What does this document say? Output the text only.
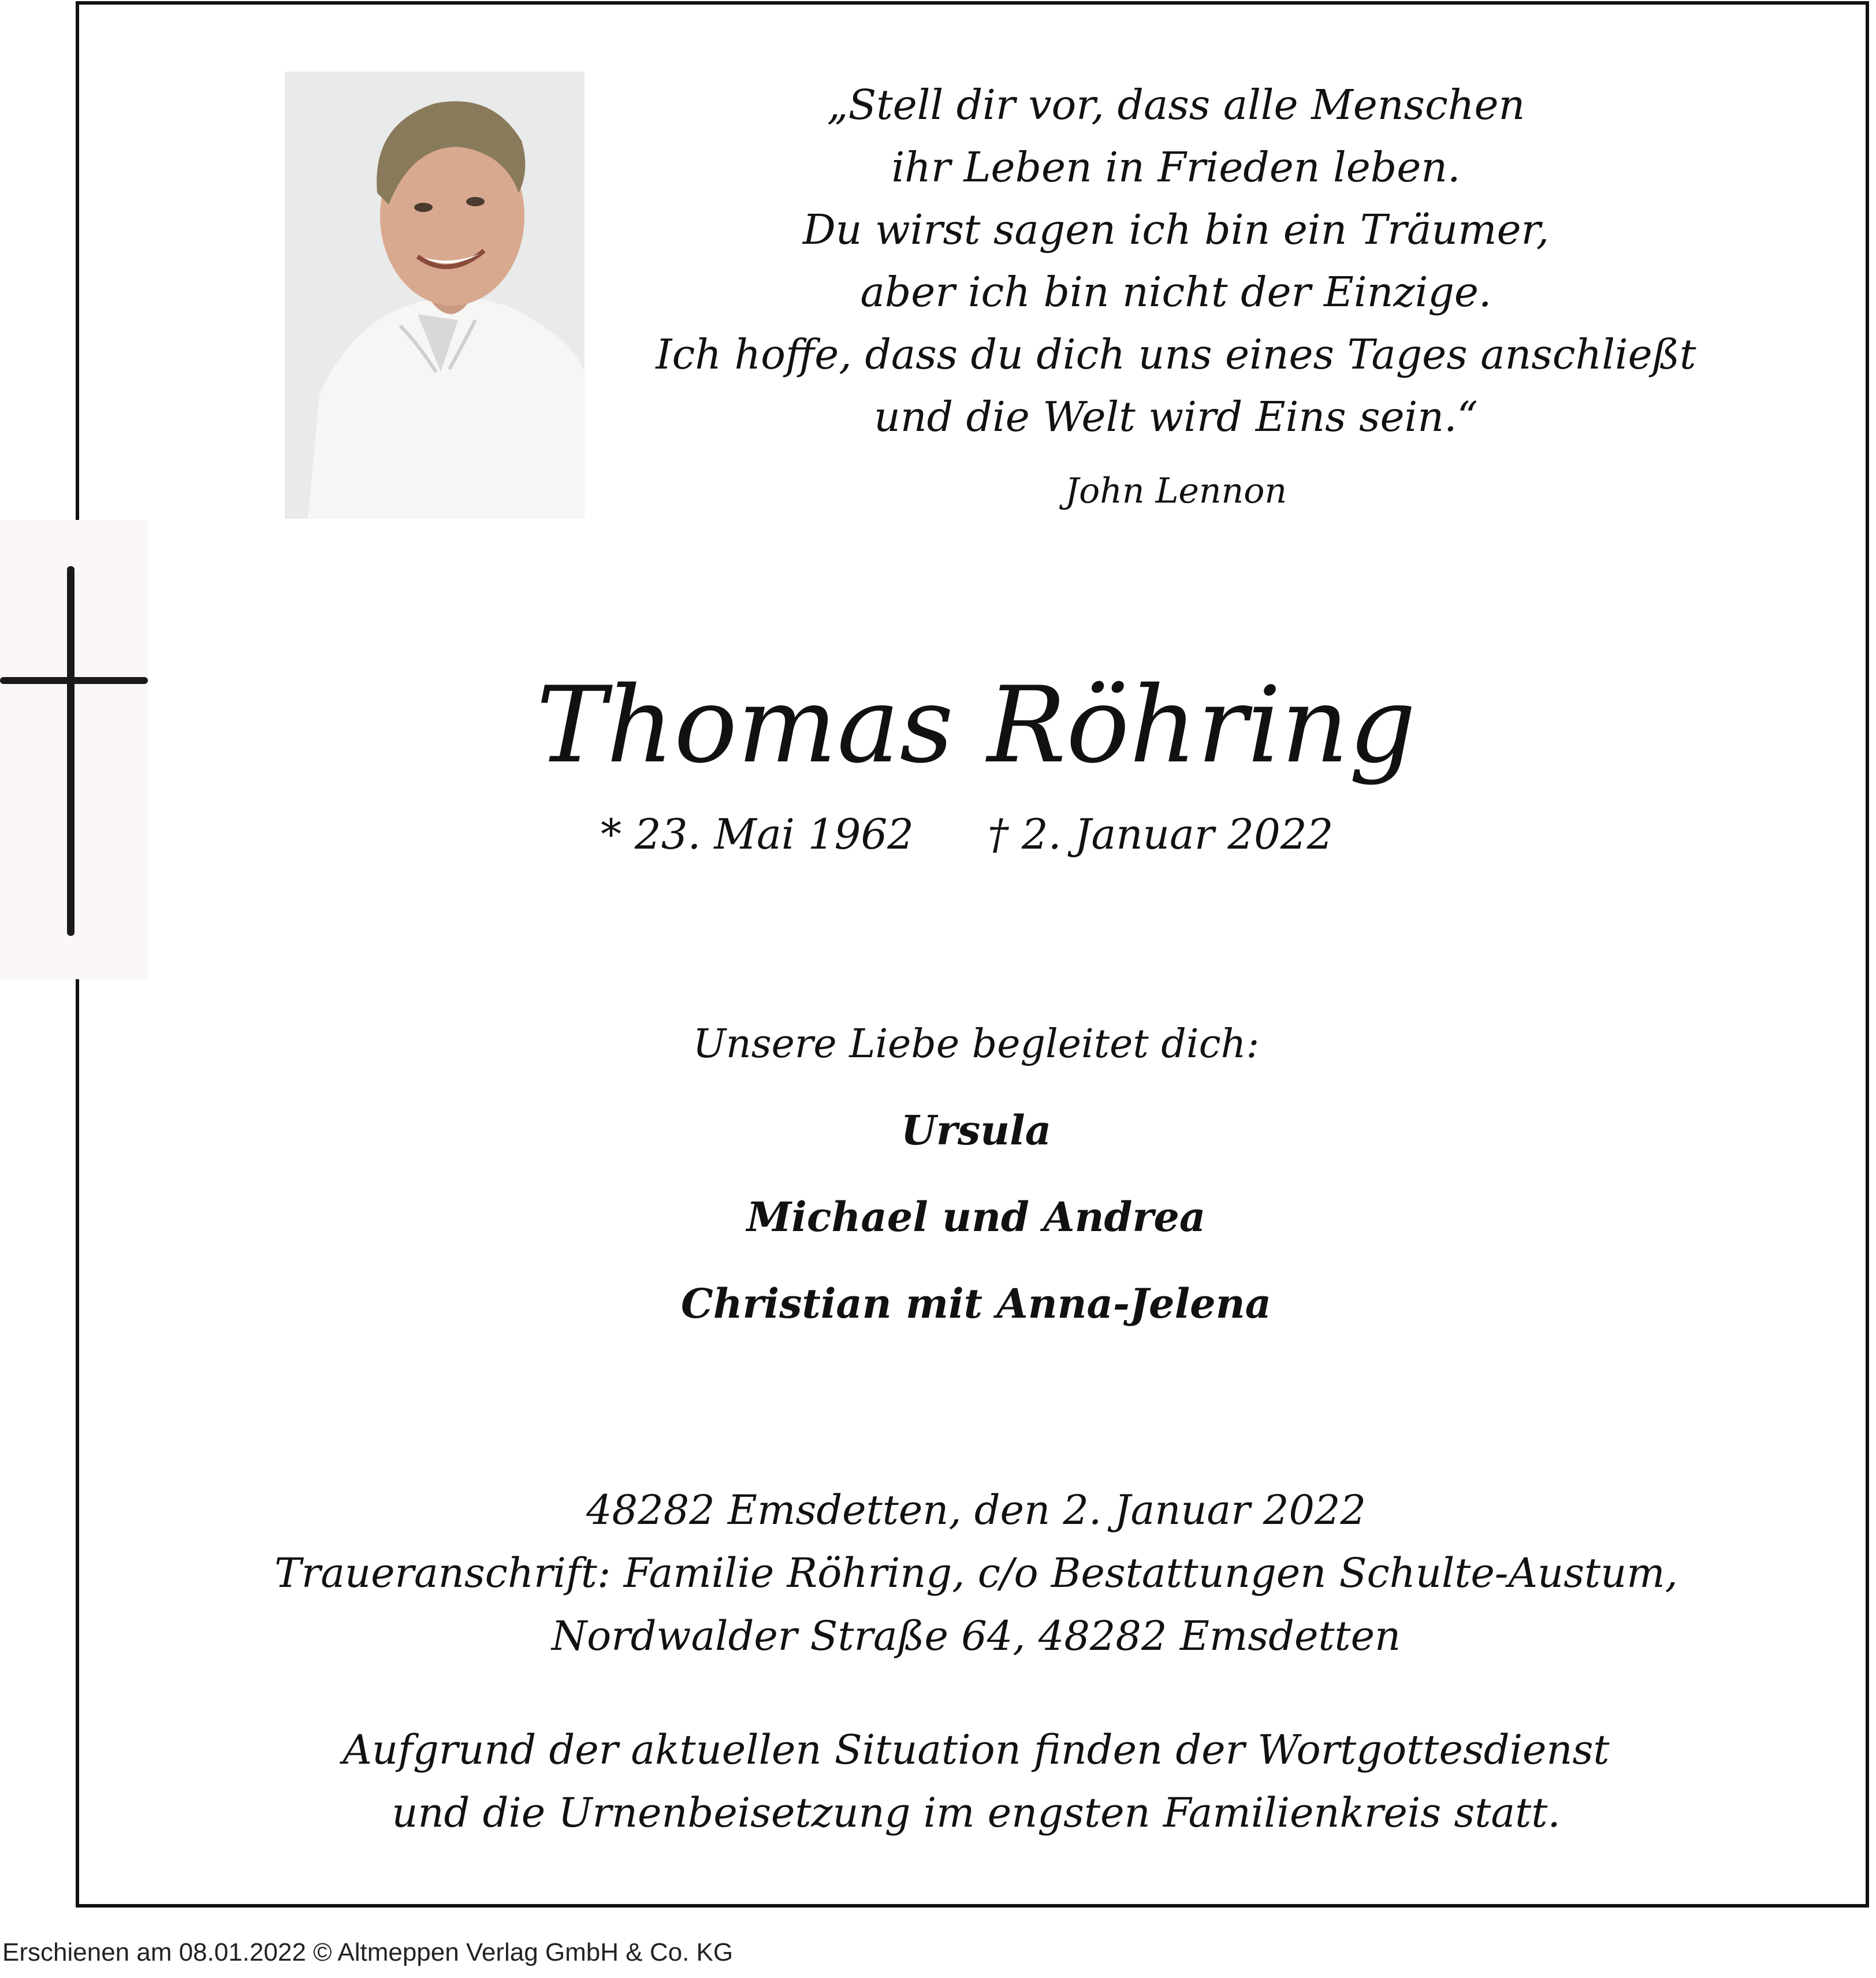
„Stell dir vor, dass alle Menschen
ihr Leben in Frieden leben.
Du wirst sagen ich bin ein Träumer,
aber ich bin nicht der Einzige.
Ich hoffe, dass du dich uns eines Tages anschließt
und die Welt wird Eins sein.“
John Lennon
Thomas Röhring
* 23. Mai 1962 † 2. Januar 2022
Unsere Liebe begleitet dich:
Ursula
Michael und Andrea
Christian mit Anna-Jelena
48282 Emsdetten, den 2. Januar 2022
Traueranschrift: Familie Röhring, c/o Bestattungen Schulte-Austum,
Nordwalder Straße 64, 48282 Emsdetten
Aufgrund der aktuellen Situation finden der Wortgottesdienst
und die Urnenbeisetzung im engsten Familienkreis statt.
Erschienen am 08.01.2022 © Altmeppen Verlag GmbH & Co. KG
